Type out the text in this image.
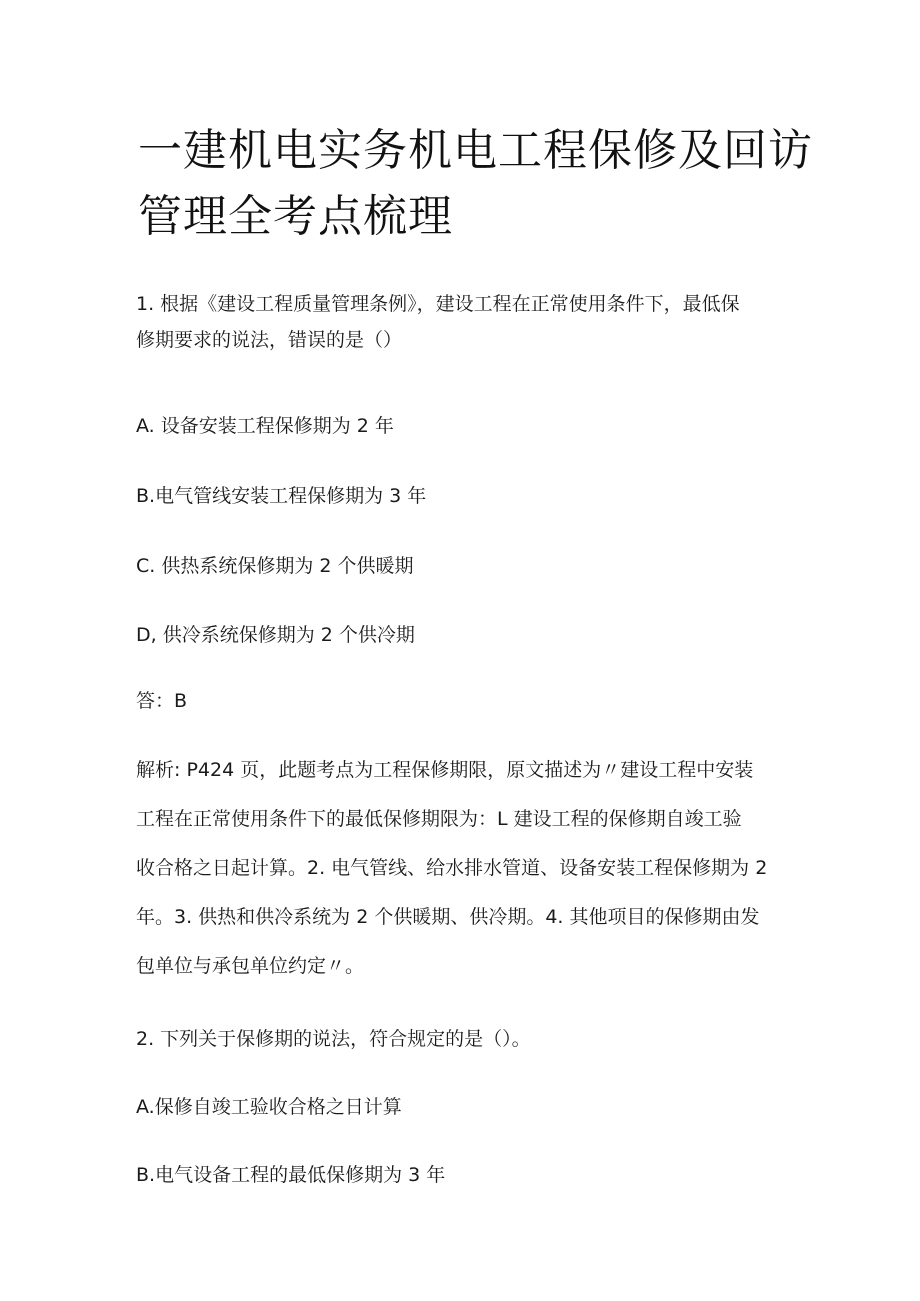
一建机电实务机电工程保修及回访
管理全考点梳理

1. 根据《建设工程质量管理条例》，建设工程在正常使用条件下，最低保
修期要求的说法，错误的是（）

A. 设备安装工程保修期为 2 年

B.电气管线安装工程保修期为 3 年

C. 供热系统保修期为 2 个供暖期

D, 供冷系统保修期为 2 个供冷期

答：B

解析: P424 页，此题考点为工程保修期限，原文描述为〃建设工程中安装
工程在正常使用条件下的最低保修期限为：L 建设工程的保修期自竣工验
收合格之日起计算。2. 电气管线、给水排水管道、设备安装工程保修期为 2
年。3. 供热和供冷系统为 2 个供暖期、供冷期。4. 其他项目的保修期由发
包单位与承包单位约定〃。

2. 下列关于保修期的说法，符合规定的是（）。

A.保修自竣工验收合格之日计算

B.电气设备工程的最低保修期为 3 年
